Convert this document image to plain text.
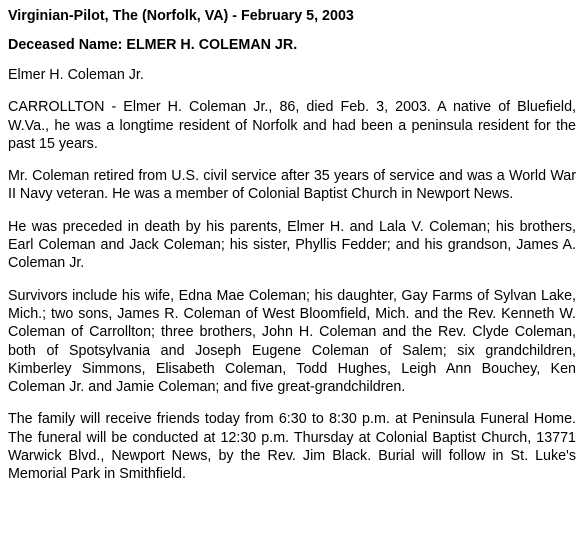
Virginian-Pilot, The (Norfolk, VA) - February 5, 2003

Deceased Name: ELMER H. COLEMAN JR.

Elmer H. Coleman Jr.

CARROLLTON - Elmer H. Coleman Jr., 86, died Feb. 3, 2003. A native of Bluefield, W.Va., he was a longtime resident of Norfolk and had been a peninsula resident for the past 15 years.

Mr. Coleman retired from U.S. civil service after 35 years of service and was a World War II Navy veteran. He was a member of Colonial Baptist Church in Newport News.

He was preceded in death by his parents, Elmer H. and Lala V. Coleman; his brothers, Earl Coleman and Jack Coleman; his sister, Phyllis Fedder; and his grandson, James A. Coleman Jr.

Survivors include his wife, Edna Mae Coleman; his daughter, Gay Farms of Sylvan Lake, Mich.; two sons, James R. Coleman of West Bloomfield, Mich. and the Rev. Kenneth W. Coleman of Carrollton; three brothers, John H. Coleman and the Rev. Clyde Coleman, both of Spotsylvania and Joseph Eugene Coleman of Salem; six grandchildren, Kimberley Simmons, Elisabeth Coleman, Todd Hughes, Leigh Ann Bouchey, Ken Coleman Jr. and Jamie Coleman; and five great-grandchildren.

The family will receive friends today from 6:30 to 8:30 p.m. at Peninsula Funeral Home. The funeral will be conducted at 12:30 p.m. Thursday at Colonial Baptist Church, 13771 Warwick Blvd., Newport News, by the Rev. Jim Black. Burial will follow in St. Luke's Memorial Park in Smithfield.
